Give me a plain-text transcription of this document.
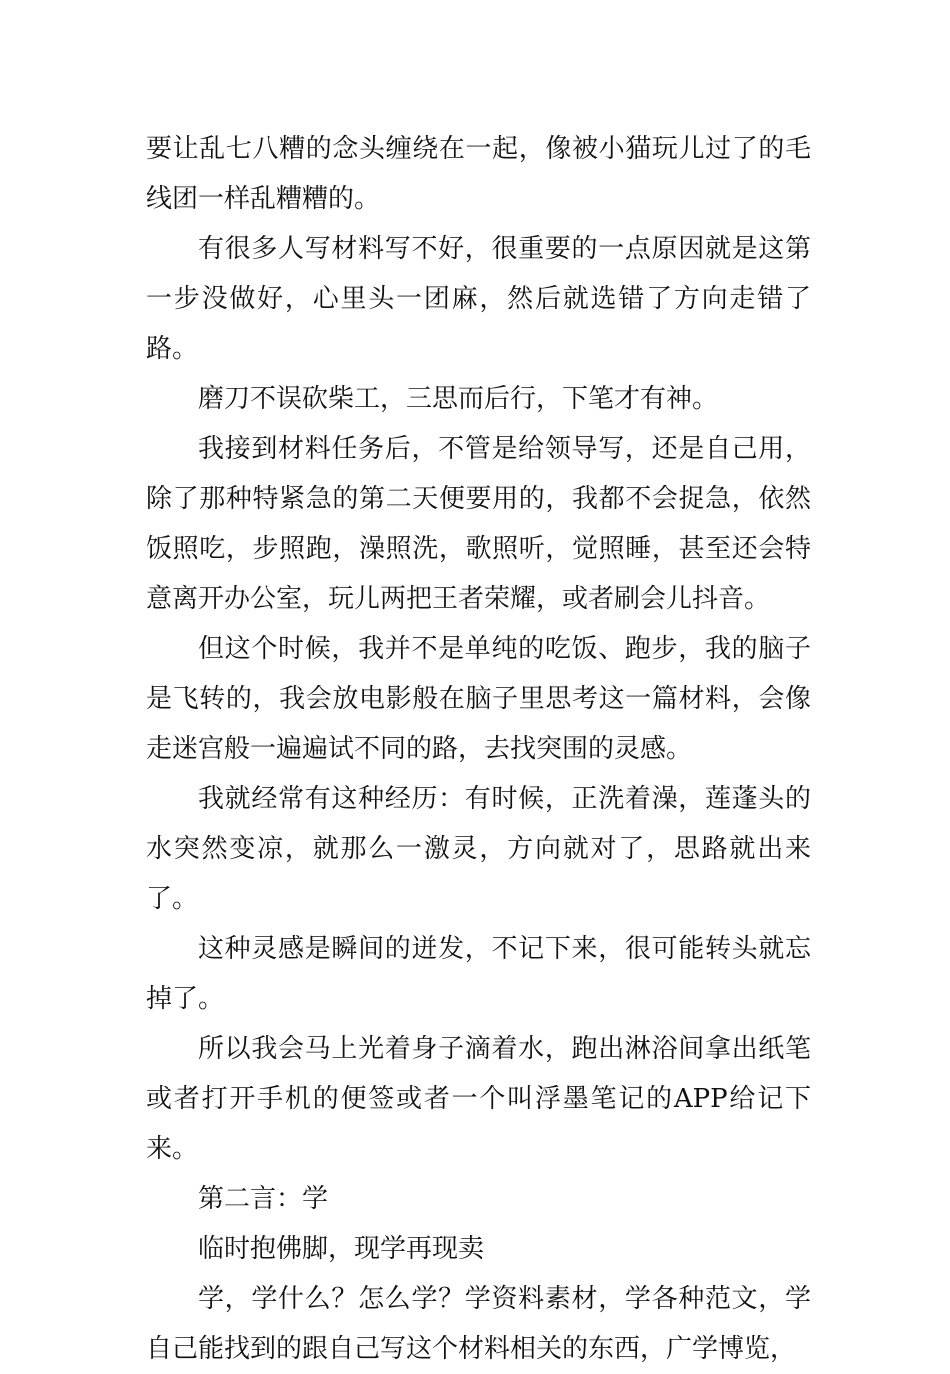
要让乱七八糟的念头缠绕在一起，像被小猫玩儿过了的毛线团一样乱糟糟的。

有很多人写材料写不好，很重要的一点原因就是这第一步没做好，心里头一团麻，然后就选错了方向走错了路。

磨刀不误砍柴工，三思而后行，下笔才有神。

我接到材料任务后，不管是给领导写，还是自己用，除了那种特紧急的第二天便要用的，我都不会捉急，依然饭照吃，步照跑，澡照洗，歌照听，觉照睡，甚至还会特意离开办公室，玩儿两把王者荣耀，或者刷会儿抖音。

但这个时候，我并不是单纯的吃饭、跑步，我的脑子是飞转的，我会放电影般在脑子里思考这一篇材料，会像走迷宫般一遍遍试不同的路，去找突围的灵感。

我就经常有这种经历：有时候，正洗着澡，莲蓬头的水突然变凉，就那么一激灵，方向就对了，思路就出来了。

这种灵感是瞬间的迸发，不记下来，很可能转头就忘掉了。

所以我会马上光着身子滴着水，跑出淋浴间拿出纸笔或者打开手机的便签或者一个叫浮墨笔记的APP给记下来。

第二言：学

临时抱佛脚，现学再现卖

学，学什么？怎么学？学资料素材，学各种范文，学自己能找到的跟自己写这个材料相关的东西，广学博览，
